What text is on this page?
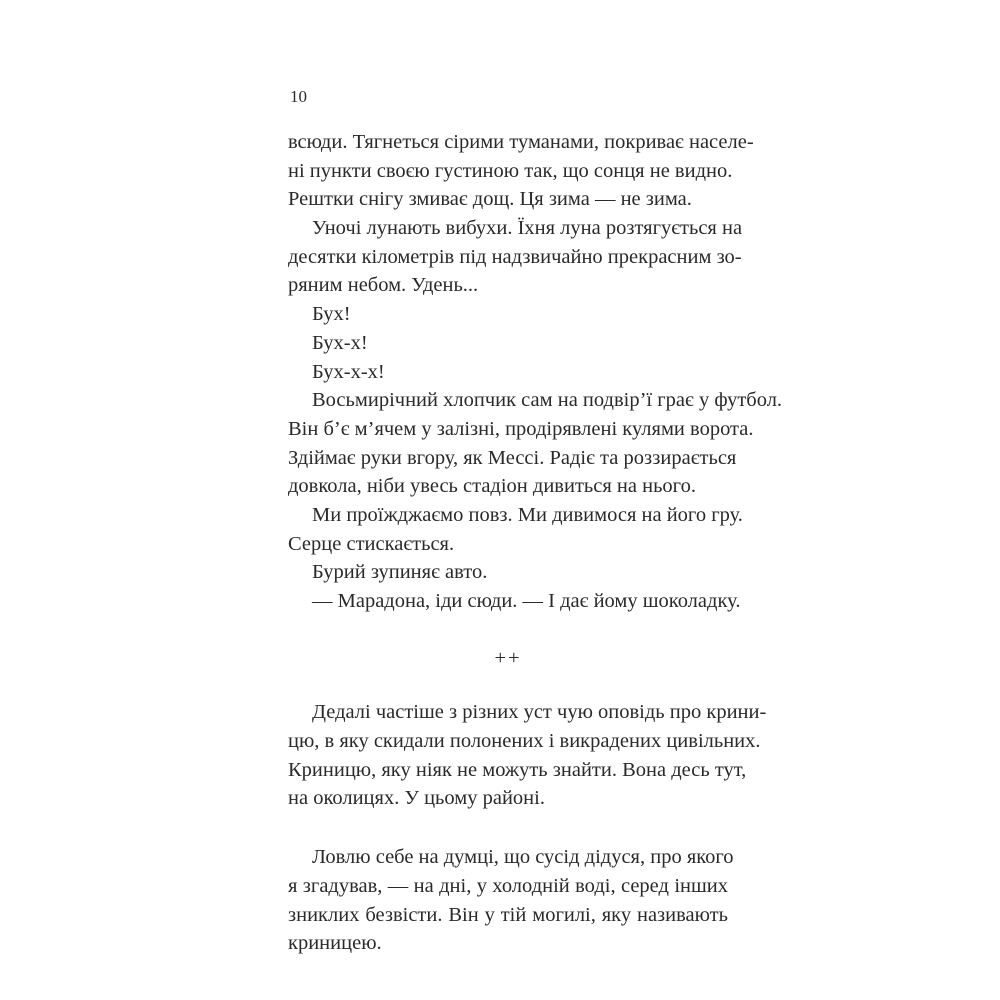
10
всюди. Тягнеться сірими туманами, покриває населе-
ні пункти своєю густиною так, що сонця не видно.
Рештки снігу змиває дощ. Ця зима — не зима.
Уночі лунають вибухи. Їхня луна розтягується на
десятки кілометрів під надзвичайно прекрасним зо-
ряним небом. Удень...
Бух!
Бух-х!
Бух-х-х!
Восьмирічний хлопчик сам на подвір’ї грає у футбол.
Він б’є м’ячем у залізні, продірявлені кулями ворота.
Здіймає руки вгору, як Мессі. Радіє та роззирається
довкола, ніби увесь стадіон дивиться на нього.
Ми проїжджаємо повз. Ми дивимося на його гру.
Серце стискається.
Бурий зупиняє авто.
— Марадона, іди сюди. — І дає йому шоколадку.
++
Дедалі частіше з різних уст чую оповідь про крини-
цю, в яку скидали полонених і викрадених цивільних.
Криницю, яку ніяк не можуть знайти. Вона десь тут,
на околицях. У цьому районі.
Ловлю себе на думці, що сусід дідуся, про якого
я згадував, — на дні, у холодній воді, серед інших
зниклих безвісти. Він у тій могилі, яку називають
криницею.
